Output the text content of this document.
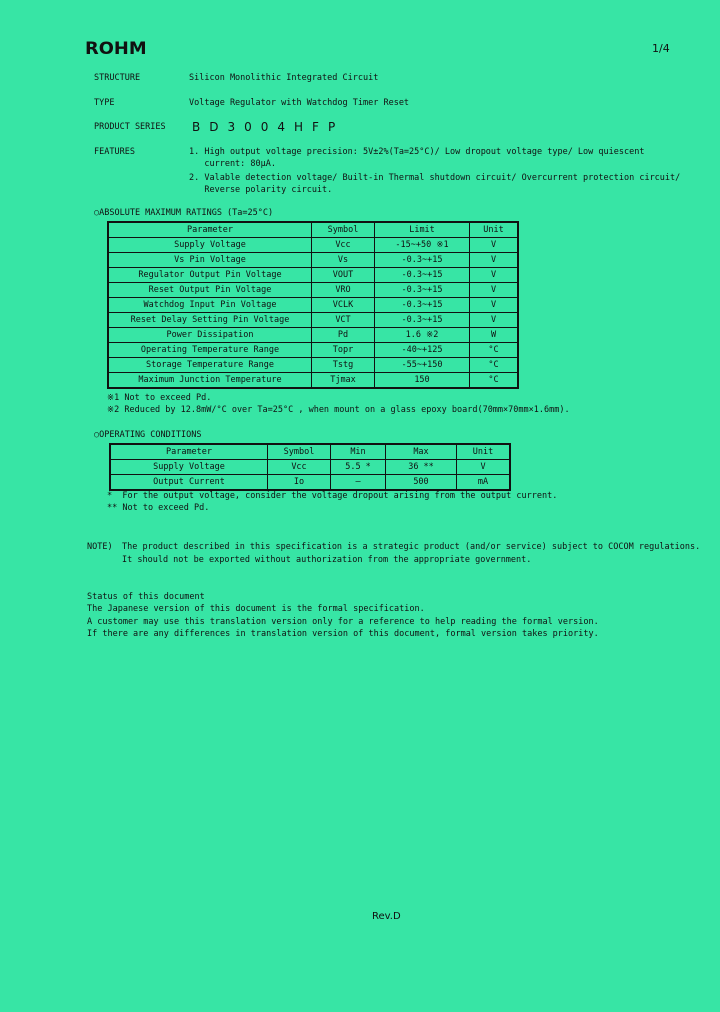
ROHM	1/4
STRUCTURE	Silicon Monolithic Integrated Circuit
TYPE	Voltage Regulator with Watchdog Timer Reset
PRODUCT SERIES BD3004HFP
FEATURES	1. High output voltage precision: 5V±2%(Ta=25°C)/ Low dropout voltage type/ Low quiescent
current: 80μA.
2. Valable detection voltage/ Built-in Thermal shutdown circuit/ Overcurrent protection circuit/
Reverse polarity circuit.
○ABSOLUTE MAXIMUM RATINGS (Ta=25°C)
Parameter	Symbol	Limit	Unit
Supply Voltage	Vcc	-15~+50 ※1	V
Vs Pin Voltage	Vs	-0.3~+15	V
Regulator Output Pin Voltage	VOUT	-0.3~+15	V
Reset Output Pin Voltage	VRO	-0.3~+15	V
Watchdog Input Pin Voltage	VCLK	-0.3~+15	V
Reset Delay Setting Pin Voltage	VCT	-0.3~+15	V
Power Dissipation	Pd	1.6 ※2	W
Operating Temperature Range	Topr	-40~+125	°C
Storage Temperature Range	Tstg	-55~+150	°C
Maximum Junction Temperature	Tjmax	150	°C
※1 Not to exceed Pd.
※2 Reduced by 12.8mW/°C over Ta=25°C , when mount on a glass epoxy board(70mm×70mm×1.6mm).
○OPERATING CONDITIONS
Parameter	Symbol	Min	Max	Unit
Supply Voltage	Vcc	5.5 *	36 **	V
Output Current	Io	—	500	mA
*  For the output voltage, consider the voltage dropout arising from the output current.
** Not to exceed Pd.
NOTE) The product described in this specification is a strategic product (and/or service) subject to COCOM regulations.
It should not be exported without authorization from the appropriate government.
Status of this document
The Japanese version of this document is the formal specification.
A customer may use this translation version only for a reference to help reading the formal version.
If there are any differences in translation version of this document, formal version takes priority.
Rev.D
